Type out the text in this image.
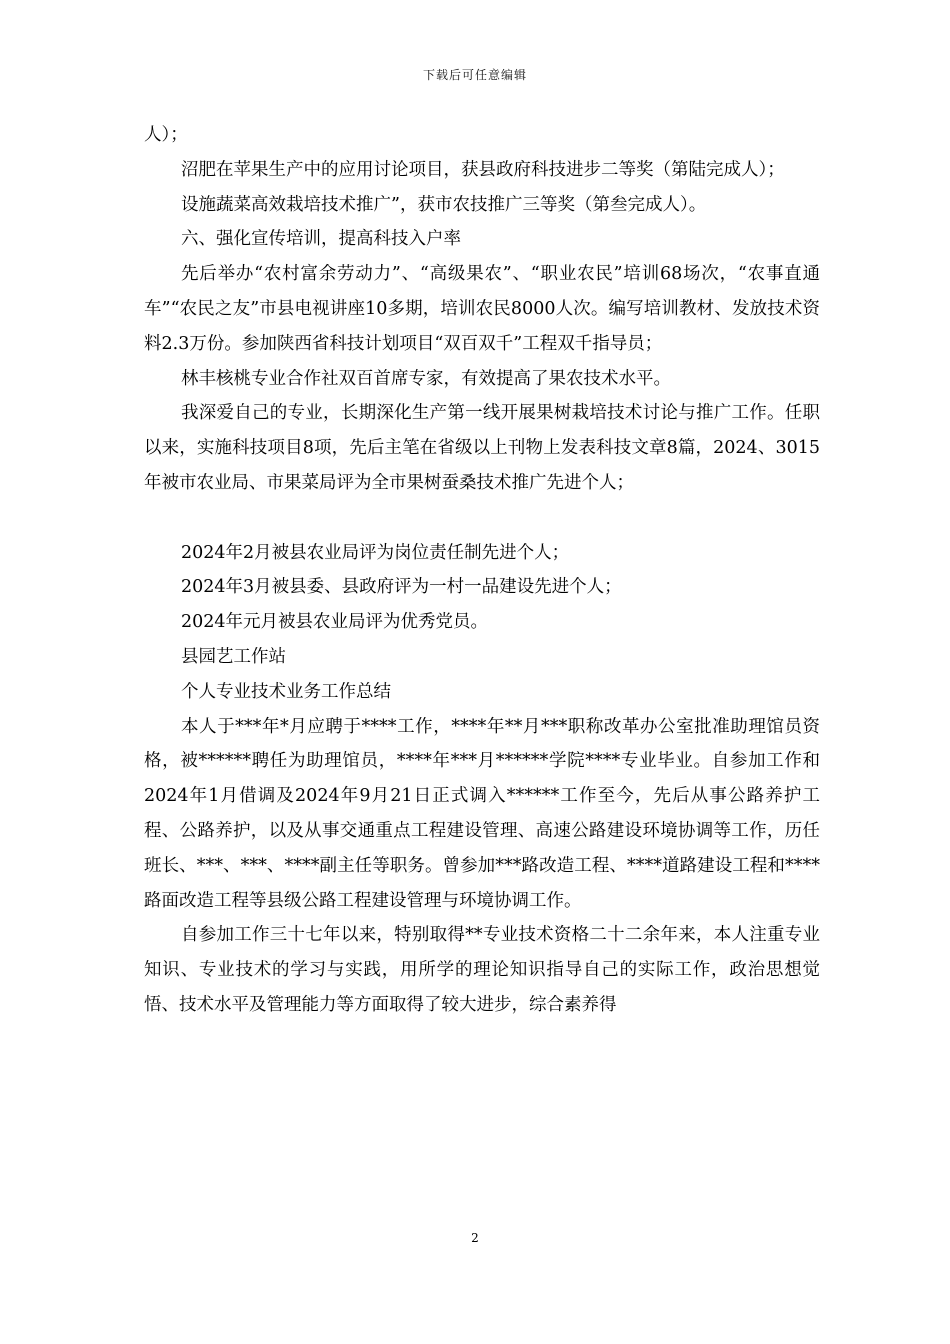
下载后可任意编辑

人）；

沼肥在苹果生产中的应用讨论项目，获县政府科技进步二等奖（第陆完成人）；

设施蔬菜高效栽培技术推广”，获市农技推广三等奖（第叁完成人）。

六、强化宣传培训，提高科技入户率

先后举办“农村富余劳动力”、“高级果农”、“职业农民”培训68场次，“农事直通车”“农民之友”市县电视讲座10多期，培训农民8000人次。编写培训教材、发放技术资料2.3万份。参加陕西省科技计划项目“双百双千”工程双千指导员；

林丰核桃专业合作社双百首席专家，有效提高了果农技术水平。

我深爱自己的专业，长期深化生产第一线开展果树栽培技术讨论与推广工作。任职以来，实施科技项目8项，先后主笔在省级以上刊物上发表科技文章8篇，2024、3015年被市农业局、市果菜局评为全市果树蚕桑技术推广先进个人；

2024年2月被县农业局评为岗位责任制先进个人；

2024年3月被县委、县政府评为一村一品建设先进个人；

2024年元月被县农业局评为优秀党员。

县园艺工作站

个人专业技术业务工作总结

本人于***年*月应聘于****工作，****年**月***职称改革办公室批准助理馆员资格，被******聘任为助理馆员，****年***月******学院****专业毕业。自参加工作和2024年1月借调及2024年9月21日正式调入******工作至今，先后从事公路养护工程、公路养护，以及从事交通重点工程建设管理、高速公路建设环境协调等工作，历任班长、***、***、****副主任等职务。曾参加***路改造工程、****道路建设工程和****路面改造工程等县级公路工程建设管理与环境协调工作。

自参加工作三十七年以来，特别取得**专业技术资格二十二余年来，本人注重专业知识、专业技术的学习与实践，用所学的理论知识指导自己的实际工作，政治思想觉悟、技术水平及管理能力等方面取得了较大进步，综合素养得

2
